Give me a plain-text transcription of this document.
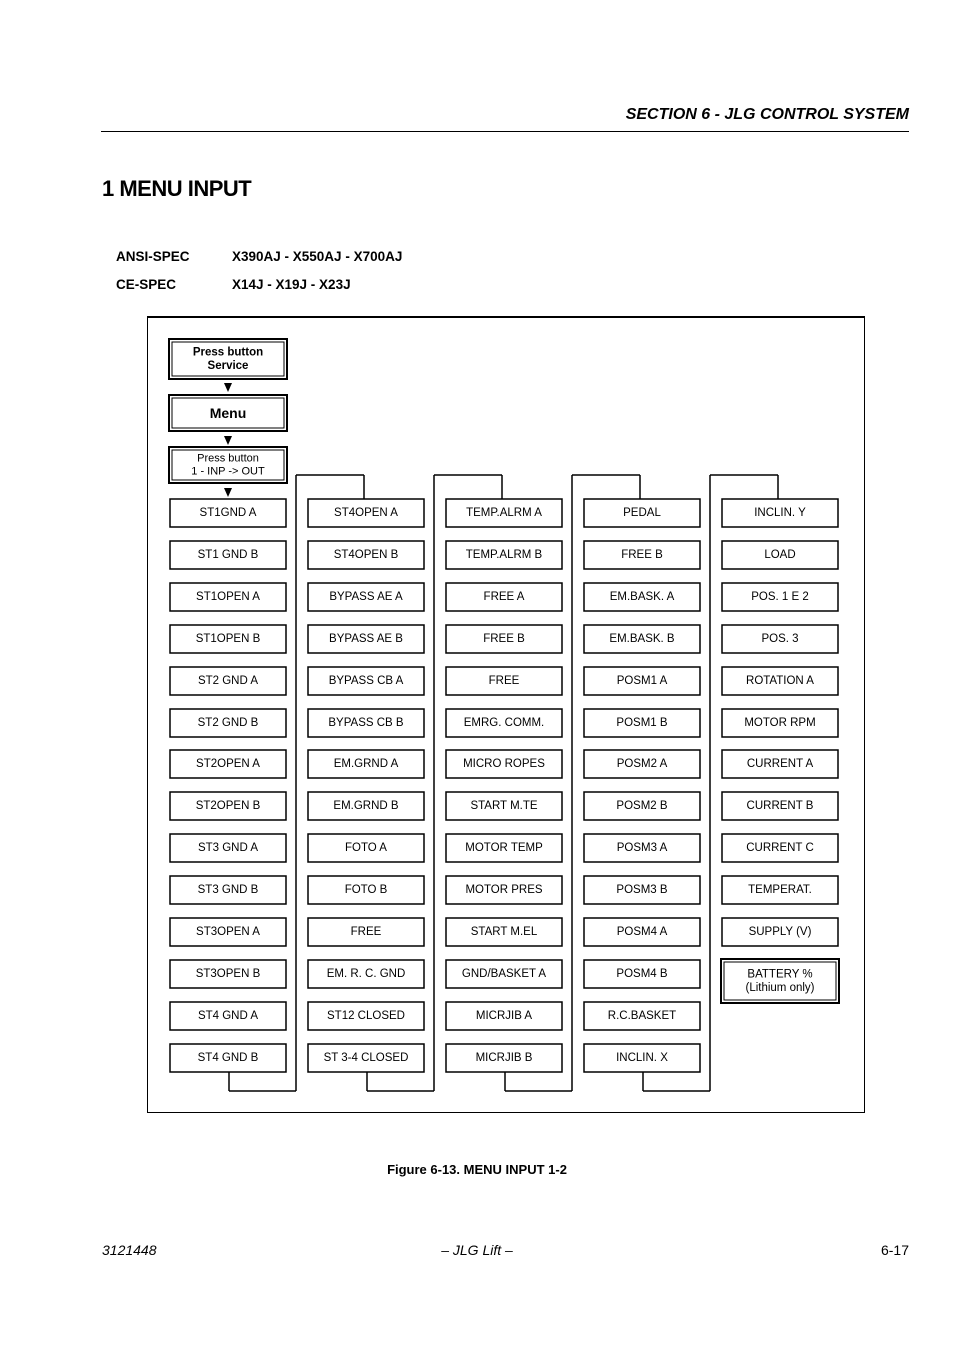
SECTION 6 - JLG CONTROL SYSTEM
1 MENU INPUT
ANSI-SPEC	X390AJ - X550AJ - X700AJ
CE-SPEC	X14J - X19J - X23J
Press button
Service
Menu
Press button
1 - INP -> OUT
ST1GND A
ST1 GND B
ST1OPEN A
ST1OPEN B
ST2 GND A
ST2 GND B
ST2OPEN A
ST2OPEN B
ST3 GND A
ST3 GND B
ST3OPEN A
ST3OPEN B
ST4 GND A
ST4 GND B
ST4OPEN A
ST4OPEN B
BYPASS AE A
BYPASS AE B
BYPASS CB A
BYPASS CB B
EM.GRND A
EM.GRND B
FOTO A
FOTO B
FREE
EM. R. C. GND
ST12 CLOSED
ST 3-4 CLOSED
TEMP.ALRM A
TEMP.ALRM B
FREE A
FREE B
FREE
EMRG. COMM.
MICRO ROPES
START M.TE
MOTOR TEMP
MOTOR PRES
START M.EL
GND/BASKET A
MICRJIB A
MICRJIB B
PEDAL
FREE B
EM.BASK. A
EM.BASK. B
POSM1 A
POSM1 B
POSM2 A
POSM2 B
POSM3 A
POSM3 B
POSM4 A
POSM4 B
R.C.BASKET
INCLIN. X
INCLIN. Y
LOAD
POS. 1 E 2
POS. 3
ROTATION A
MOTOR RPM
CURRENT A
CURRENT B
CURRENT C
TEMPERAT.
SUPPLY (V)
BATTERY %
(Lithium only)
Figure 6-13. MENU INPUT 1-2
3121448	– JLG Lift –	6-17
